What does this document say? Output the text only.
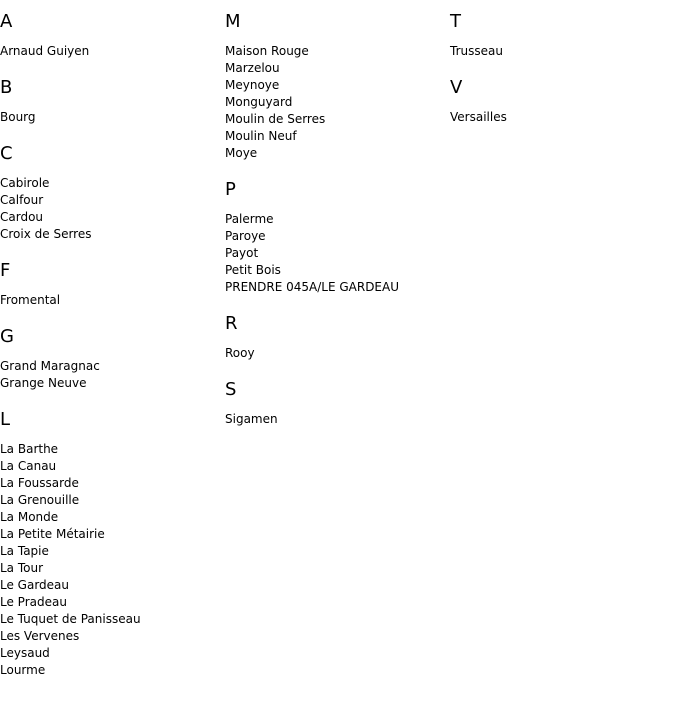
A
Arnaud Guiyen
B
Bourg
C
Cabirole
Calfour
Cardou
Croix de Serres
F
Fromental
G
Grand Maragnac
Grange Neuve
L
La Barthe
La Canau
La Foussarde
La Grenouille
La Monde
La Petite Métairie
La Tapie
La Tour
Le Gardeau
Le Pradeau
Le Tuquet de Panisseau
Les Vervenes
Leysaud
Lourme
M
Maison Rouge
Marzelou
Meynoye
Monguyard
Moulin de Serres
Moulin Neuf
Moye
P
Palerme
Paroye
Payot
Petit Bois
PRENDRE 045A/LE GARDEAU
R
Rooy
S
Sigamen
T
Trusseau
V
Versailles
